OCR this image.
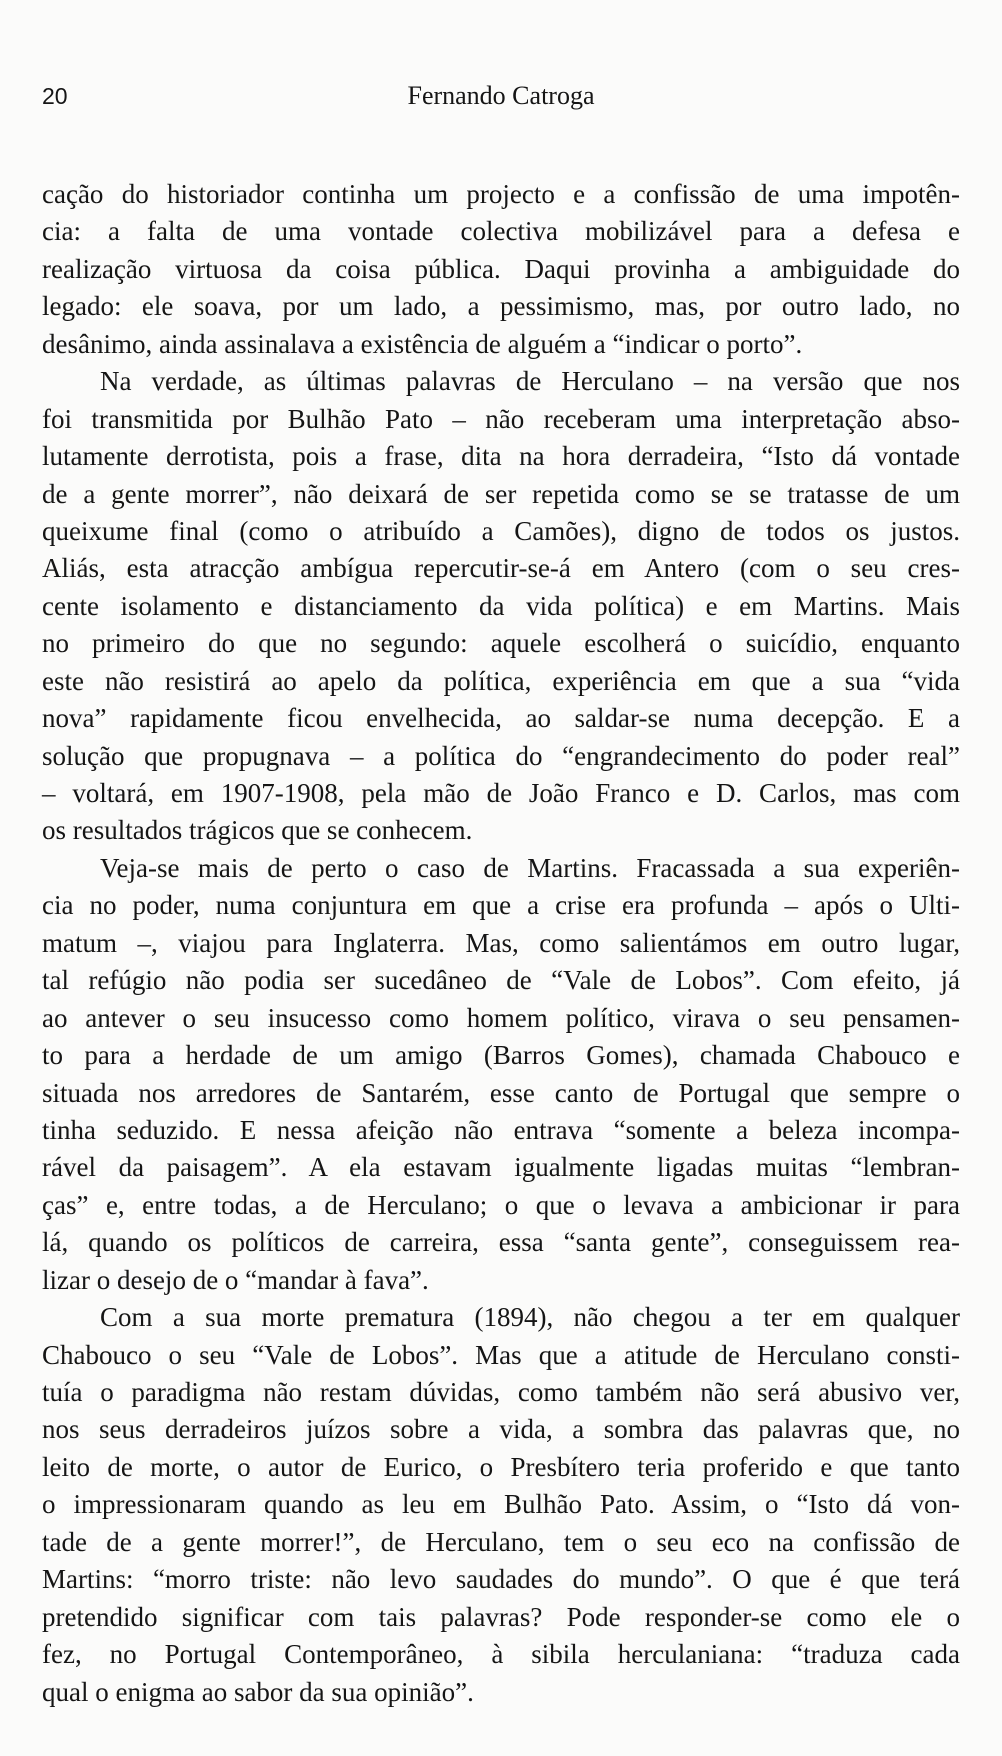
20	Fernando Catroga
cação do historiador continha um projecto e a confissão de uma impotên-
cia: a falta de uma vontade colectiva mobilizável para a defesa e
realização virtuosa da coisa pública. Daqui provinha a ambiguidade do
legado: ele soava, por um lado, a pessimismo, mas, por outro lado, no
desânimo, ainda assinalava a existência de alguém a “indicar o porto”.
Na verdade, as últimas palavras de Herculano – na versão que nos
foi transmitida por Bulhão Pato – não receberam uma interpretação abso-
lutamente derrotista, pois a frase, dita na hora derradeira, “Isto dá vontade
de a gente morrer”, não deixará de ser repetida como se se tratasse de um
queixume final (como o atribuído a Camões), digno de todos os justos.
Aliás, esta atracção ambígua repercutir-se-á em Antero (com o seu cres-
cente isolamento e distanciamento da vida política) e em Martins. Mais
no primeiro do que no segundo: aquele escolherá o suicídio, enquanto
este não resistirá ao apelo da política, experiência em que a sua “vida
nova” rapidamente ficou envelhecida, ao saldar-se numa decepção. E a
solução que propugnava – a política do “engrandecimento do poder real”
– voltará, em 1907-1908, pela mão de João Franco e D. Carlos, mas com
os resultados trágicos que se conhecem.
Veja-se mais de perto o caso de Martins. Fracassada a sua experiên-
cia no poder, numa conjuntura em que a crise era profunda – após o Ulti-
matum –, viajou para Inglaterra. Mas, como salientámos em outro lugar,
tal refúgio não podia ser sucedâneo de “Vale de Lobos”. Com efeito, já
ao antever o seu insucesso como homem político, virava o seu pensamen-
to para a herdade de um amigo (Barros Gomes), chamada Chabouco e
situada nos arredores de Santarém, esse canto de Portugal que sempre o
tinha seduzido. E nessa afeição não entrava “somente a beleza incompa-
rável da paisagem”. A ela estavam igualmente ligadas muitas “lembran-
ças” e, entre todas, a de Herculano; o que o levava a ambicionar ir para
lá, quando os políticos de carreira, essa “santa gente”, conseguissem rea-
lizar o desejo de o “mandar à fava”.
Com a sua morte prematura (1894), não chegou a ter em qualquer
Chabouco o seu “Vale de Lobos”. Mas que a atitude de Herculano consti-
tuía o paradigma não restam dúvidas, como também não será abusivo ver,
nos seus derradeiros juízos sobre a vida, a sombra das palavras que, no
leito de morte, o autor de Eurico, o Presbítero teria proferido e que tanto
o impressionaram quando as leu em Bulhão Pato. Assim, o “Isto dá von-
tade de a gente morrer!”, de Herculano, tem o seu eco na confissão de
Martins: “morro triste: não levo saudades do mundo”. O que é que terá
pretendido significar com tais palavras? Pode responder-se como ele o
fez, no Portugal Contemporâneo, à sibila herculaniana: “traduza cada
qual o enigma ao sabor da sua opinião”.
